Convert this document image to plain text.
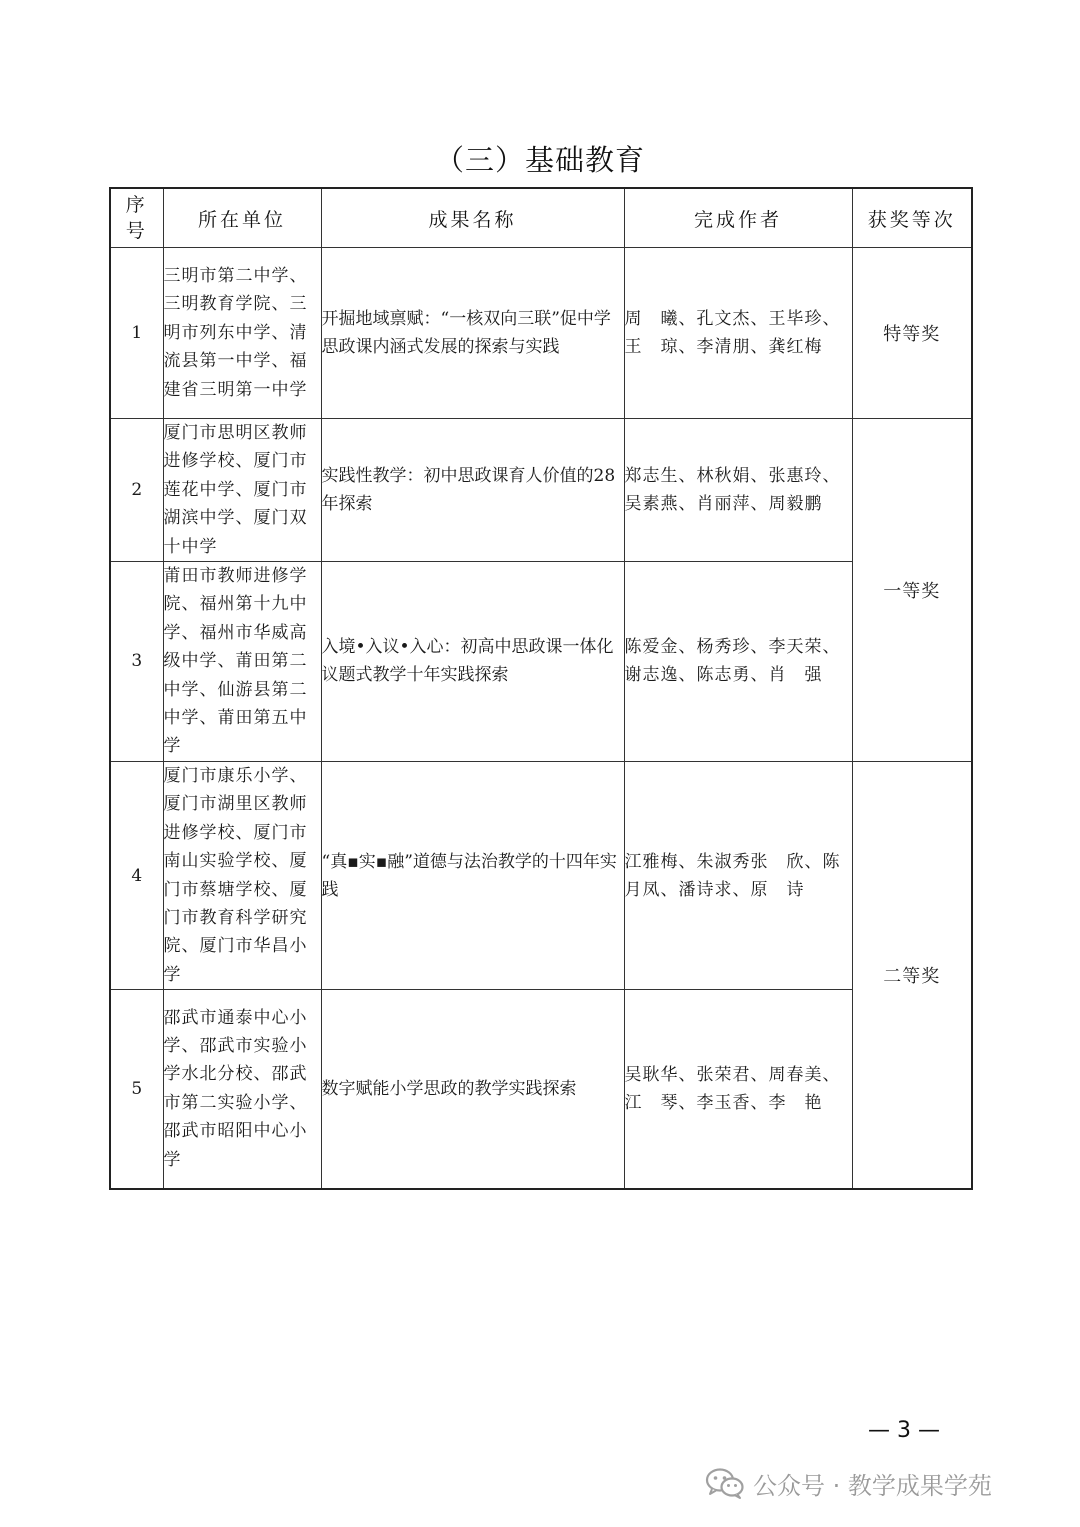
（三）基础教育
序
号	所在单位	成果名称	完成作者	获奖等次
1	三明市第二中学、三明教育学院、三明市列东中学、清流县第一中学、福建省三明第一中学	开掘地域禀赋：“一核双向三联”促中学思政课内涵式发展的探索与实践	周　曦、孔文杰、王毕珍、王　琼、李清朋、龚红梅	特等奖
2	厦门市思明区教师进修学校、厦门市莲花中学、厦门市湖滨中学、厦门双十中学	实践性教学：初中思政课育人价值的28年探索	郑志生、林秋娟、张惠玲、吴素燕、肖丽萍、周毅鹏	一等奖
3	莆田市教师进修学院、福州第十九中学、福州市华威高级中学、莆田第二中学、仙游县第二中学、莆田第五中学	入境•入议•入心：初高中思政课一体化议题式教学十年实践探索	陈爱金、杨秀珍、李天荣、谢志逸、陈志勇、肖　强	
4	厦门市康乐小学、厦门市湖里区教师进修学校、厦门市南山实验学校、厦门市蔡塘学校、厦门市教育科学研究院、厦门市华昌小学	“真▪实▪融”道德与法治教学的十四年实践	江雅梅、朱淑秀张　欣、陈月凤、潘诗求、原　诗	二等奖
5	邵武市通泰中心小学、邵武市实验小学水北分校、邵武市第二实验小学、邵武市昭阳中心小学	数字赋能小学思政的教学实践探索	吴耿华、张荣君、周春美、江　琴、李玉香、李　艳	
— 3 —
公众号 · 教学成果学苑
